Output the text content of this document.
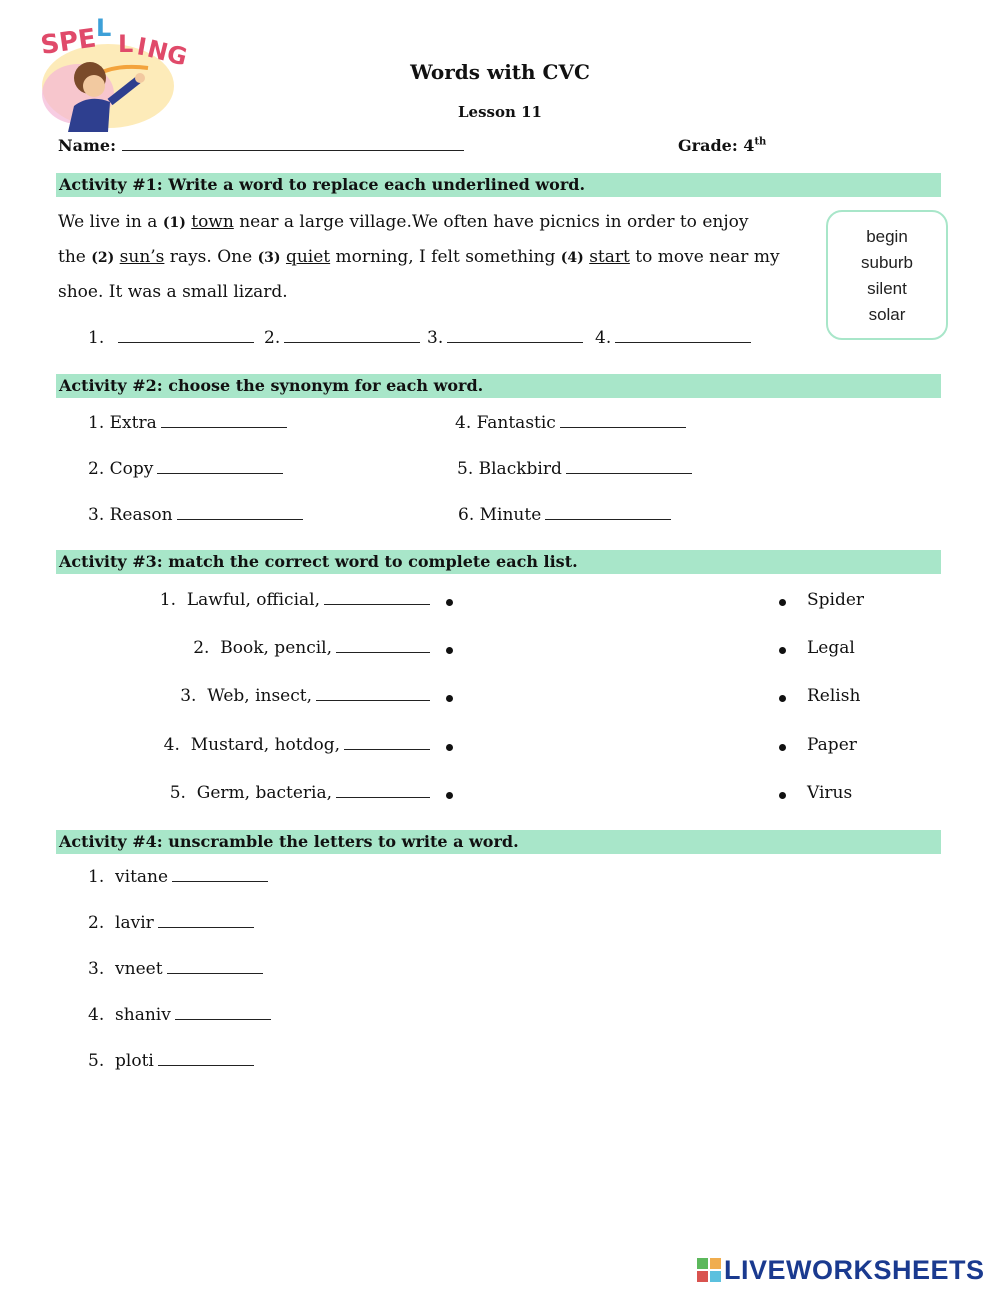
SPE
L
L I
NG
Words with CVC
Lesson 11
Name:	Grade: 4th
Activity #1: Write a word to replace each underlined word.
We live in a (1) town near a large village.We often have picnics in order to enjoy
the (2) sun’s rays. One (3) quiet morning, I felt something (4) start to move near my
shoe. It was a small lizard.
begin
suburb
silent
solar
1.	2.	3.	4.
Activity #2: choose the synonym for each word.
1. Extra
2. Copy
3. Reason
4. Fantastic
5. Blackbird
6. Minute
Activity #3: match the correct word to complete each list.
1. Lawful, official,
2. Book, pencil,
3. Web, insect,
4. Mustard, hotdog,
5. Germ, bacteria,
Spider
Legal
Relish
Paper
Virus
Activity #4: unscramble the letters to write a word.
1. vitane
2. lavir
3. vneet
4. shaniv
5. ploti
LIVEWORKSHEETS
